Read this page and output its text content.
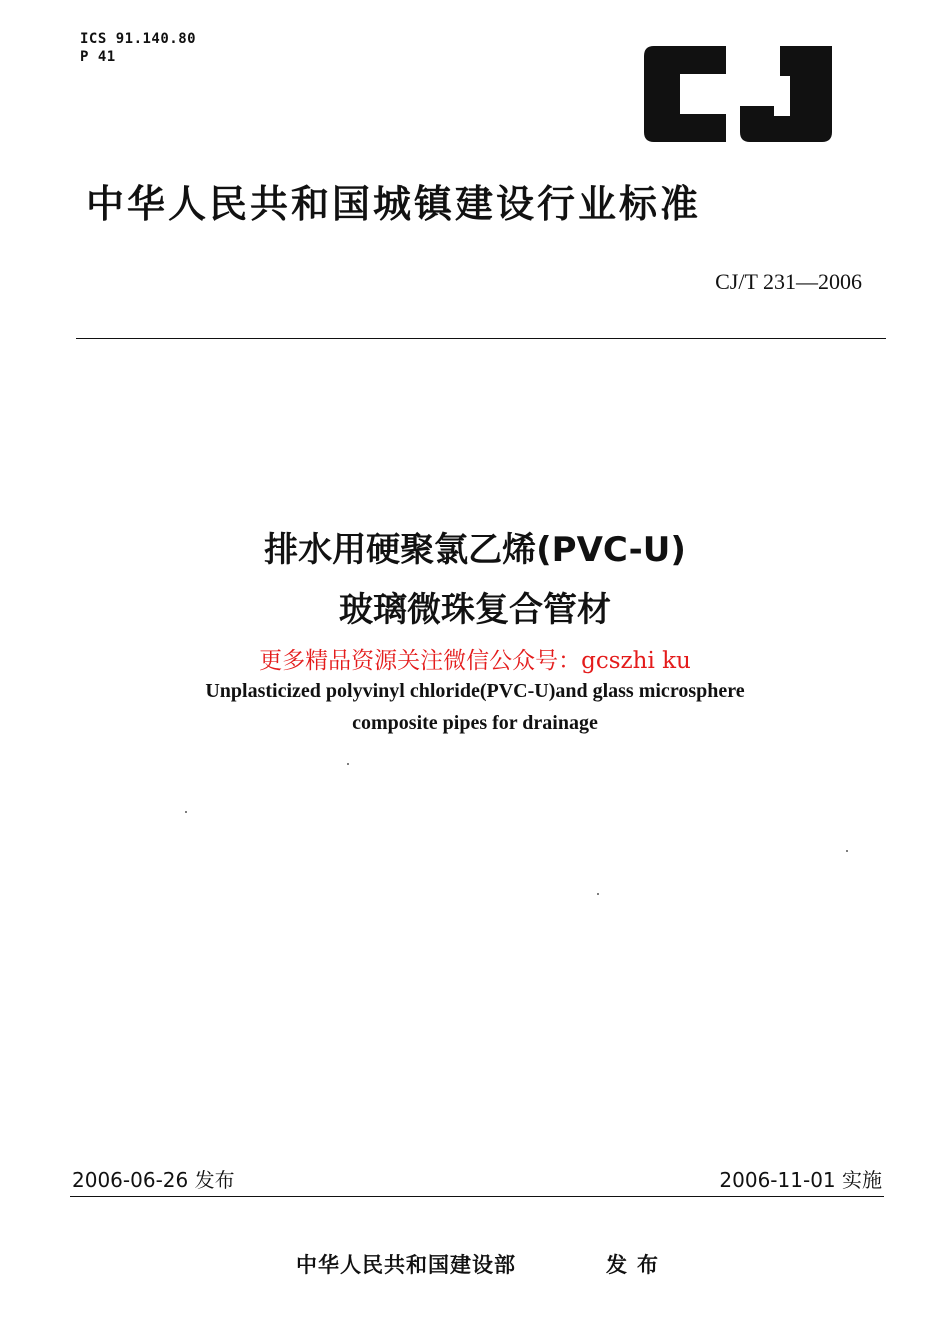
ICS 91.140.80
P 41
中华人民共和国城镇建设行业标准
CJ/T 231—2006
排水用硬聚氯乙烯(PVC-U)
玻璃微珠复合管材
更多精品资源关注微信公众号：gcszhi ku
Unplasticized polyvinyl chloride(PVC-U)and glass microsphere
composite pipes for drainage
2006-06-26 发布	2006-11-01 实施
中华人民共和国建设部	发布
